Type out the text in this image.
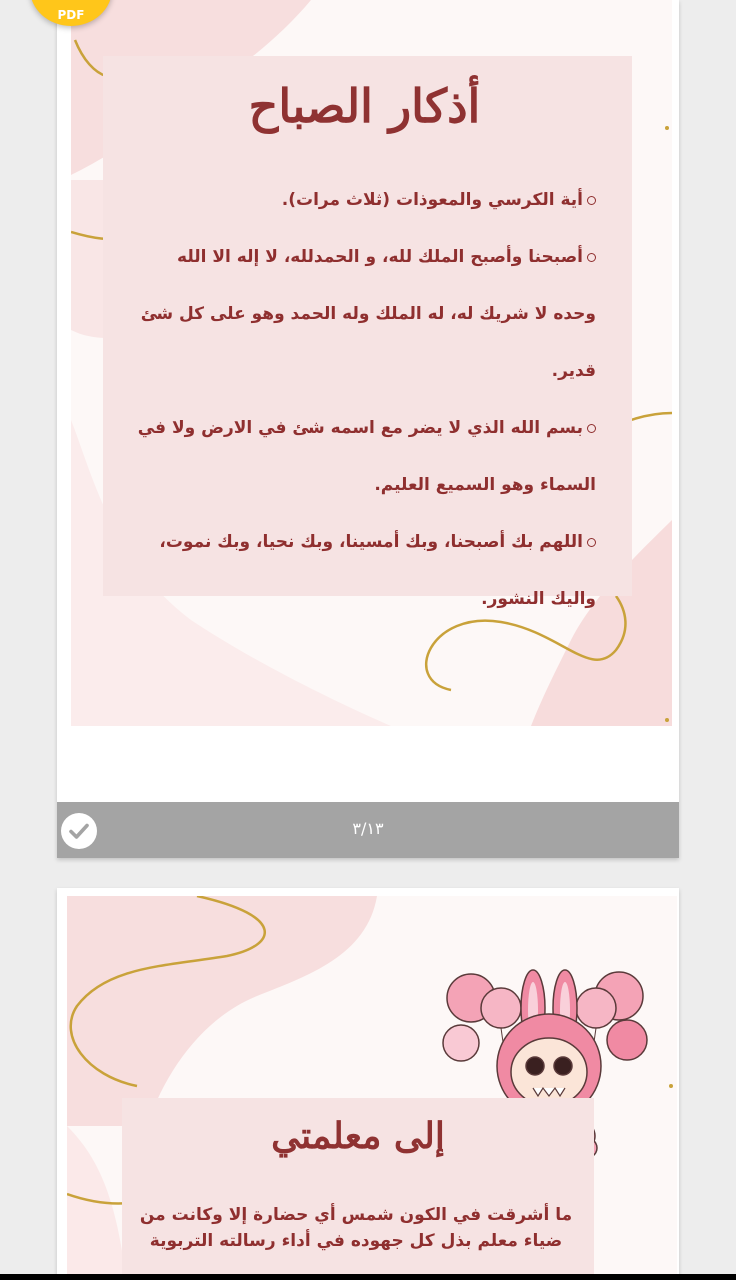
PDF
أذكار الصباح
أية الكرسي والمعوذات (ثلاث مرات).
أصبحنا وأصبح الملك لله، و الحمدلله، لا إله الا الله وحده لا شريك له، له الملك وله الحمد وهو على كل شئ قدير.
بسم الله الذي لا يضر مع اسمه شئ في الارض ولا في السماء وهو السميع العليم.
اللهم بك أصبحنا، وبك أمسينا، وبك نحيا، وبك نموت، واليك النشور.
٣/١٣
إلى معلمتي

ما أشرقت في الكون شمس أي حضارة إلا وكانت من ضياء معلم بذل كل جهوده في أداء رسالته التربوية
